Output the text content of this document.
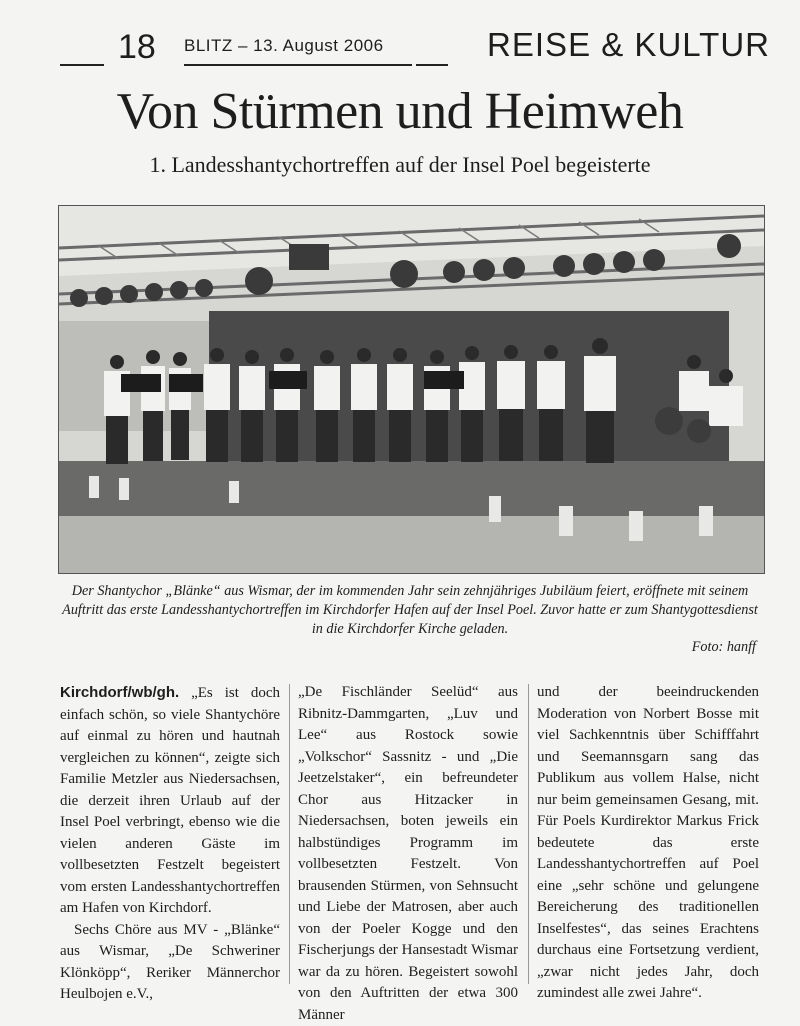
18 BLITZ – 13. August 2006	REISE & KULTUR
Von Stürmen und Heimweh
1. Landesshantychortreffen auf der Insel Poel begeisterte
Der Shantychor „Blänke“ aus Wismar, der im kommenden Jahr sein zehnjähriges Jubiläum feiert, eröffnete mit seinem Auftritt das erste Landesshantychortreffen im Kirchdorfer Hafen auf der Insel Poel. Zuvor hatte er zum Shantygottesdienst in die Kirchdorfer Kirche geladen.
Foto: hanff

Kirchdorf/wb/gh. „Es ist doch einfach schön, so viele Shantychöre auf einmal zu hören und hautnah vergleichen zu können“, zeigte sich Familie Metzler aus Niedersachsen, die derzeit ihren Urlaub auf der Insel Poel verbringt, ebenso wie die vielen anderen Gäste im vollbesetzten Festzelt begeistert vom ersten Landesshantychortreffen am Hafen von Kirchdorf.

Sechs Chöre aus MV - „Blänke“ aus Wismar, „De Schweriner Klönköpp“, Reriker Männerchor Heulbojen e.V.,

„De Fischländer Seelüd“ aus Ribnitz-Dammgarten, „Luv und Lee“ aus Rostock sowie „Volkschor“ Sassnitz - und „Die Jeetzelstaker“, ein befreundeter Chor aus Hitzacker in Niedersachsen, boten jeweils ein halbstündiges Programm im vollbesetzten Festzelt. Von brausenden Stürmen, von Sehnsucht und Liebe der Matrosen, aber auch von der Poeler Kogge und den Fischerjungs der Hansestadt Wismar war da zu hören. Begeistert sowohl von den Auftritten der etwa 300 Männer

und der beeindruckenden Moderation von Norbert Bosse mit viel Sachkenntnis über Schifffahrt und Seemannsgarn sang das Publikum aus vollem Halse, nicht nur beim gemeinsamen Gesang, mit. Für Poels Kurdirektor Markus Frick bedeutete das erste Landesshantychortreffen auf Poel eine „sehr schöne und gelungene Bereicherung des traditionellen Inselfestes“, das seines Erachtens durchaus eine Fortsetzung verdient, „zwar nicht jedes Jahr, doch zumindest alle zwei Jahre“.
